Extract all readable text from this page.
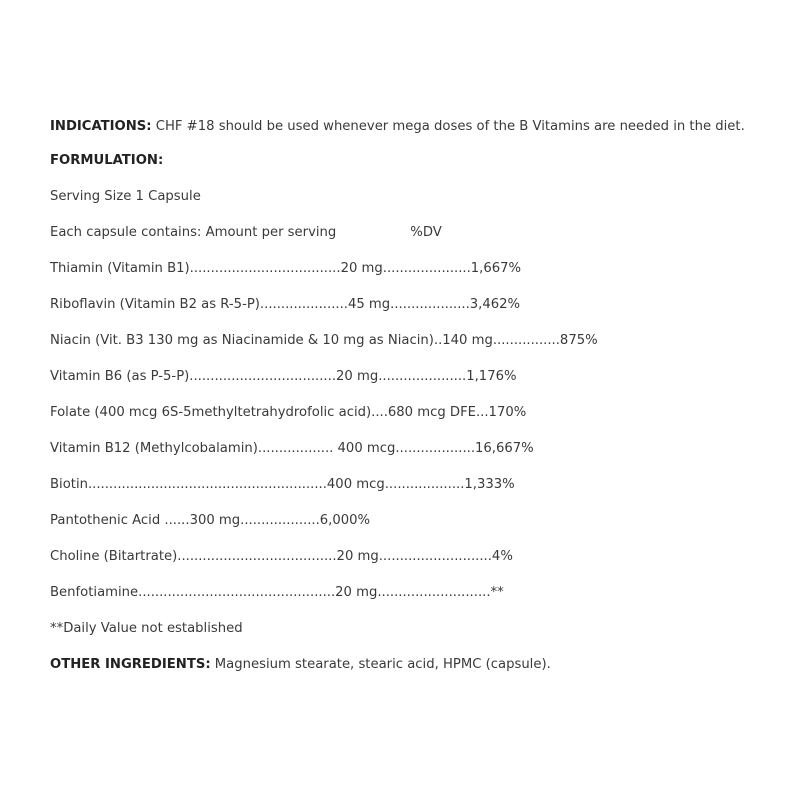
INDICATIONS: CHF #18 should be used whenever mega doses of the B Vitamins are needed in the diet.

FORMULATION:

Serving Size 1 Capsule

Each capsule contains: Amount per serving	%DV

Thiamin (Vitamin B1)....................................20 mg.....................1,667%

Riboflavin (Vitamin B2 as R-5-P).....................45 mg...................3,462%

Niacin (Vit. B3 130 mg as Niacinamide & 10 mg as Niacin)..140 mg................875%

Vitamin B6 (as P-5-P)...................................20 mg.....................1,176%

Folate (400 mcg 6S-5methyltetrahydrofolic acid)....680 mcg DFE...170%

Vitamin B12 (Methylcobalamin).................. 400 mcg...................16,667%

Biotin.........................................................400 mcg...................1,333%

Pantothenic Acid ......300 mg...................6,000%

Choline (Bitartrate)......................................20 mg...........................4%

Benfotiamine...............................................20 mg...........................**

**Daily Value not established

OTHER INGREDIENTS: Magnesium stearate, stearic acid, HPMC (capsule).
